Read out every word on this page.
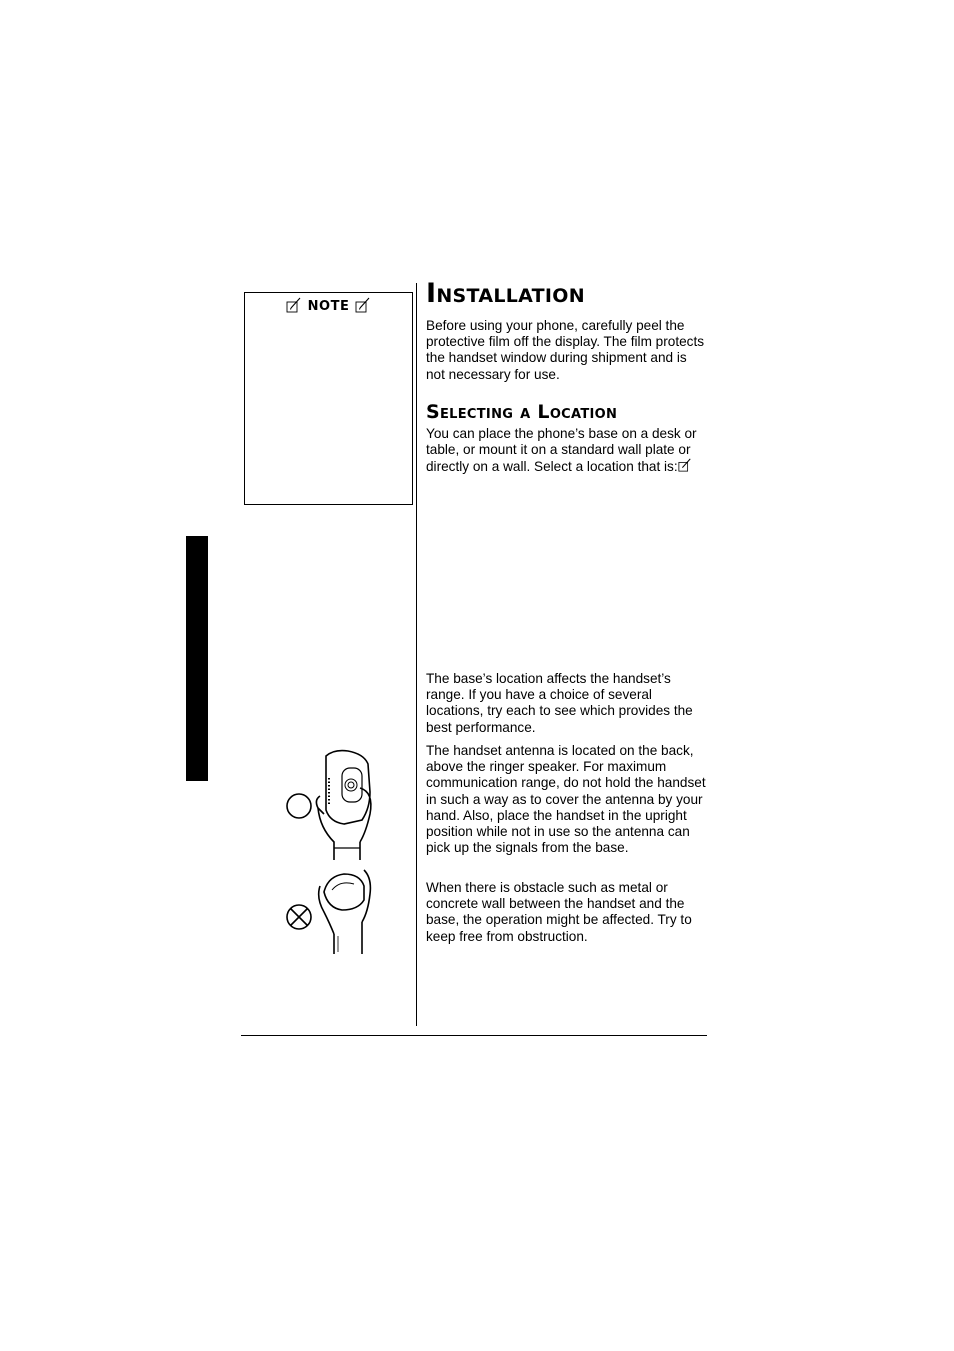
NOTE	Installation

Before using your phone, carefully peel the protective film off the display. The film protects the handset window during shipment and is not necessary for use.

Selecting a Location

You can place the phone’s base on a desk or table, or mount it on a standard wall plate or directly on a wall. Select a location that is:

The base’s location affects the handset’s range. If you have a choice of several locations, try each to see which provides the best performance.

The handset antenna is located on the back, above the ringer speaker. For maximum communication range, do not hold the handset in such a way as to cover the antenna by your hand. Also, place the handset in the upright position while not in use so the antenna can pick up the signals from the base.

When there is obstacle such as metal or concrete wall between the handset and the base, the operation might be affected. Try to keep free from obstruction.
